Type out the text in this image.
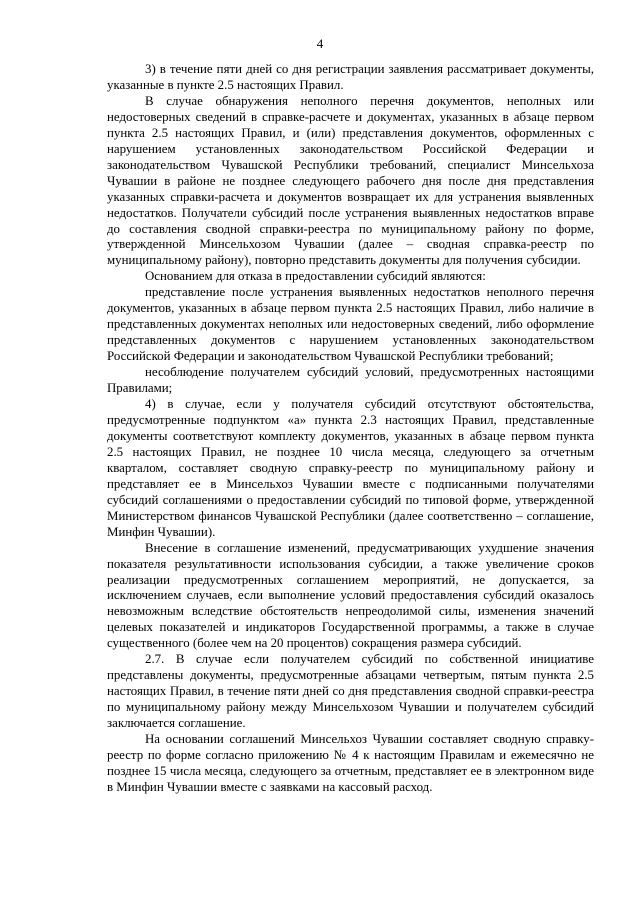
4

3) в течение пяти дней со дня регистрации заявления рассматривает документы, указанные в пункте 2.5 настоящих Правил.

В случае обнаружения неполного перечня документов, неполных или недостоверных сведений в справке-расчете и документах, указанных в абзаце первом пункта 2.5 настоящих Правил, и (или) представления документов, оформленных с нарушением установленных законодательством Российской Федерации и законодательством Чувашской Республики требований, специалист Минсельхоза Чувашии в районе не позднее следующего рабочего дня после дня представления указанных справки-расчета и документов возвращает их для устранения выявленных недостатков. Получатели субсидий после устранения выявленных недостатков вправе до составления сводной справки-реестра по муниципальному району по форме, утвержденной Минсельхозом Чувашии (далее – сводная справка-реестр по муниципальному району), повторно представить документы для получения субсидии.

Основанием для отказа в предоставлении субсидий являются:

представление после устранения выявленных недостатков неполного перечня документов, указанных в абзаце первом пункта 2.5 настоящих Правил, либо наличие в представленных документах неполных или недостоверных сведений, либо оформление представленных документов с нарушением установленных законодательством Российской Федерации и законодательством Чувашской Республики требований;

несоблюдение получателем субсидий условий, предусмотренных настоящими Правилами;

4) в случае, если у получателя субсидий отсутствуют обстоятельства, предусмотренные подпунктом «а» пункта 2.3 настоящих Правил, представленные документы соответствуют комплекту документов, указанных в абзаце первом пункта 2.5 настоящих Правил, не позднее 10 числа месяца, следующего за отчетным кварталом, составляет сводную справку-реестр по муниципальному району и представляет ее в Минсельхоз Чувашии вместе с подписанными получателями субсидий соглашениями о предоставлении субсидий по типовой форме, утвержденной Министерством финансов Чувашской Республики (далее соответственно – соглашение, Минфин Чувашии).

Внесение в соглашение изменений, предусматривающих ухудшение значения показателя результативности использования субсидии, а также увеличение сроков реализации предусмотренных соглашением мероприятий, не допускается, за исключением случаев, если выполнение условий предоставления субсидий оказалось невозможным вследствие обстоятельств непреодолимой силы, изменения значений целевых показателей и индикаторов Государственной программы, а также в случае существенного (более чем на 20 процентов) сокращения размера субсидий.

2.7. В случае если получателем субсидий по собственной инициативе представлены документы, предусмотренные абзацами четвертым, пятым пункта 2.5 настоящих Правил, в течение пяти дней со дня представления сводной справки-реестра по муниципальному району между Минсельхозом Чувашии и получателем субсидий заключается соглашение.

На основании соглашений Минсельхоз Чувашии составляет сводную справку-реестр по форме согласно приложению № 4 к настоящим Правилам и ежемесячно не позднее 15 числа месяца, следующего за отчетным, представляет ее в электронном виде в Минфин Чувашии вместе с заявками на кассовый расход.
